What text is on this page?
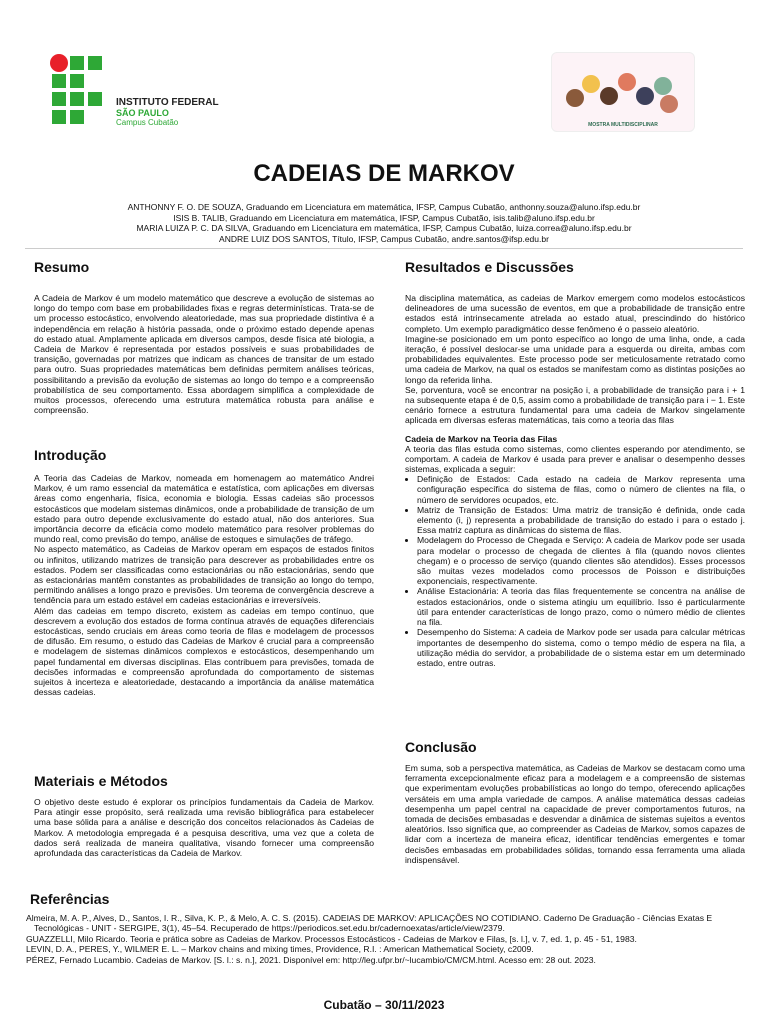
INSTITUTO FEDERAL
SÃO PAULO
Campus Cubatão	MOSTRA MULTIDISCIPLINAR
CADEIAS DE MARKOV
ANTHONNY F. O. DE SOUZA, Graduando em Licenciatura em matemática, IFSP, Campus Cubatão, anthonny.souza@aluno.ifsp.edu.br
ISIS B. TALIB, Graduando em Licenciatura em matemática, IFSP, Campus Cubatão, isis.talib@aluno.ifsp.edu.br
MARIA LUIZA P. C. DA SILVA, Graduando em Licenciatura em matemática, IFSP, Campus Cubatão, luiza.correa@aluno.ifsp.edu.br
ANDRE LUIZ DOS SANTOS, Título, IFSP, Campus Cubatão, andre.santos@ifsp.edu.br
Resumo

A Cadeia de Markov é um modelo matemático que descreve a evolução de sistemas ao longo do tempo com base em probabilidades fixas e regras determinísticas. Trata-se de um processo estocástico, envolvendo aleatoriedade, mas sua propriedade distintiva é a independência em relação à história passada, onde o próximo estado depende apenas do estado atual. Amplamente aplicada em diversos campos, desde física até biologia, a Cadeia de Markov é representada por estados possíveis e suas probabilidades de transição, governadas por matrizes que indicam as chances de transitar de um estado para outro. Suas propriedades matemáticas bem definidas permitem análises teóricas, possibilitando a previsão da evolução de sistemas ao longo do tempo e a compreensão probabilística de seu comportamento. Essa abordagem simplifica a complexidade de muitos processos, oferecendo uma estrutura matemática robusta para análise e compreensão.

Introdução

A Teoria das Cadeias de Markov, nomeada em homenagem ao matemático Andrei Markov, é um ramo essencial da matemática e estatística, com aplicações em diversas áreas como engenharia, física, economia e biologia. Essas cadeias são processos estocásticos que modelam sistemas dinâmicos, onde a probabilidade de transição de um estado para outro depende exclusivamente do estado atual, não dos anteriores. Sua importância decorre da eficácia como modelo matemático para resolver problemas do mundo real, como previsão do tempo, análise de estoques e simulações de tráfego.

No aspecto matemático, as Cadeias de Markov operam em espaços de estados finitos ou infinitos, utilizando matrizes de transição para descrever as probabilidades entre os estados. Podem ser classificadas como estacionárias ou não estacionárias, sendo que as estacionárias mantêm constantes as probabilidades de transição ao longo do tempo, permitindo análises a longo prazo e previsões. Um teorema de convergência descreve a tendência para um estado estável em cadeias estacionárias e irreversíveis.

Além das cadeias em tempo discreto, existem as cadeias em tempo contínuo, que descrevem a evolução dos estados de forma contínua através de equações diferenciais estocásticas, sendo cruciais em áreas como teoria de filas e modelagem de processos de difusão. Em resumo, o estudo das Cadeias de Markov é crucial para a compreensão e modelagem de sistemas dinâmicos complexos e estocásticos, desempenhando um papel fundamental em diversas disciplinas. Elas contribuem para previsões, tomada de decisões informadas e compreensão aprofundada do comportamento de sistemas sujeitos à incerteza e aleatoriedade, destacando a importância da análise matemática dessas cadeias.

Materiais e Métodos

O objetivo deste estudo é explorar os princípios fundamentais da Cadeia de Markov. Para atingir esse propósito, será realizada uma revisão bibliográfica para estabelecer uma base sólida para a análise e descrição dos conceitos relacionados às Cadeias de Markov. A metodologia empregada é a pesquisa descritiva, uma vez que a coleta de dados será realizada de maneira qualitativa, visando fornecer uma compreensão aprofundada das características da Cadeia de Markov.

Resultados e Discussões

Na disciplina matemática, as cadeias de Markov emergem como modelos estocásticos delineadores de uma sucessão de eventos, em que a probabilidade de transição entre estados está intrinsecamente atrelada ao estado atual, prescindindo do histórico completo. Um exemplo paradigmático desse fenômeno é o passeio aleatório.

Imagine-se posicionado em um ponto específico ao longo de uma linha, onde, a cada iteração, é possível deslocar-se uma unidade para a esquerda ou direita, ambas com probabilidades equivalentes. Este processo pode ser meticulosamente retratado como uma cadeia de Markov, na qual os estados se manifestam como as distintas posições ao longo da referida linha.

Se, porventura, você se encontrar na posição i, a probabilidade de transição para i + 1 na subsequente etapa é de 0,5, assim como a probabilidade de transição para i − 1. Este cenário fornece a estrutura fundamental para uma cadeia de Markov singelamente aplicada em diversas esferas matemáticas, tais como a teoria das filas

Cadeia de Markov na Teoria das Filas

A teoria das filas estuda como sistemas, como clientes esperando por atendimento, se comportam. A cadeia de Markov é usada para prever e analisar o desempenho desses sistemas, explicada a seguir:

• Definição de Estados: Cada estado na cadeia de Markov representa uma configuração específica do sistema de filas, como o número de clientes na fila, o número de servidores ocupados, etc.
• Matriz de Transição de Estados: Uma matriz de transição é definida, onde cada elemento (i, j) representa a probabilidade de transição do estado i para o estado j. Essa matriz captura as dinâmicas do sistema de filas.
• Modelagem do Processo de Chegada e Serviço: A cadeia de Markov pode ser usada para modelar o processo de chegada de clientes à fila (quando novos clientes chegam) e o processo de serviço (quando clientes são atendidos). Esses processos são muitas vezes modelados como processos de Poisson e distribuições exponenciais, respectivamente.
• Análise Estacionária: A teoria das filas frequentemente se concentra na análise de estados estacionários, onde o sistema atingiu um equilíbrio. Isso é particularmente útil para entender características de longo prazo, como o número médio de clientes na fila.
• Desempenho do Sistema: A cadeia de Markov pode ser usada para calcular métricas importantes de desempenho do sistema, como o tempo médio de espera na fila, a utilização média do servidor, a probabilidade de o sistema estar em um determinado estado, entre outras.
Conclusão

Em suma, sob a perspectiva matemática, as Cadeias de Markov se destacam como uma ferramenta excepcionalmente eficaz para a modelagem e a compreensão de sistemas que experimentam evoluções probabilísticas ao longo do tempo, oferecendo aplicações versáteis em uma ampla variedade de campos. A análise matemática dessas cadeias desempenha um papel central na capacidade de prever comportamentos futuros, na tomada de decisões embasadas e desvendar a dinâmica de sistemas sujeitos a eventos aleatórios. Isso significa que, ao compreender as Cadeias de Markov, somos capazes de lidar com a incerteza de maneira eficaz, identificar tendências emergentes e tomar decisões embasadas em probabilidades sólidas, tornando essa ferramenta uma aliada indispensável.

Referências

Almeira, M. A. P., Alves, D., Santos, I. R., Silva, K. P., & Melo, A. C. S. (2015). CADEIAS DE MARKOV: APLICAÇÕES NO COTIDIANO. Caderno De Graduação - Ciências Exatas E Tecnológicas - UNIT - SERGIPE, 3(1), 45–54. Recuperado de https://periodicos.set.edu.br/cadernoexatas/article/view/2379.

GUAZZELLI, Milo Ricardo. Teoria e prática sobre as Cadeias de Markov. Processos Estocásticos - Cadeias de Markov e Filas, [s. l.], v. 7, ed. 1, p. 45 - 51, 1983.

LEVIN, D. A., PERES, Y., WILMER E. L. – Markov chains and mixing times, Providence, R.I. : American Mathematical Society, c2009.

PÉREZ, Fernado Lucambio. Cadeias de Markov. [S. l.: s. n.], 2021. Disponível em: http://leg.ufpr.br/~lucambio/CM/CM.html. Acesso em: 28 out. 2023.

Cubatão – 30/11/2023
